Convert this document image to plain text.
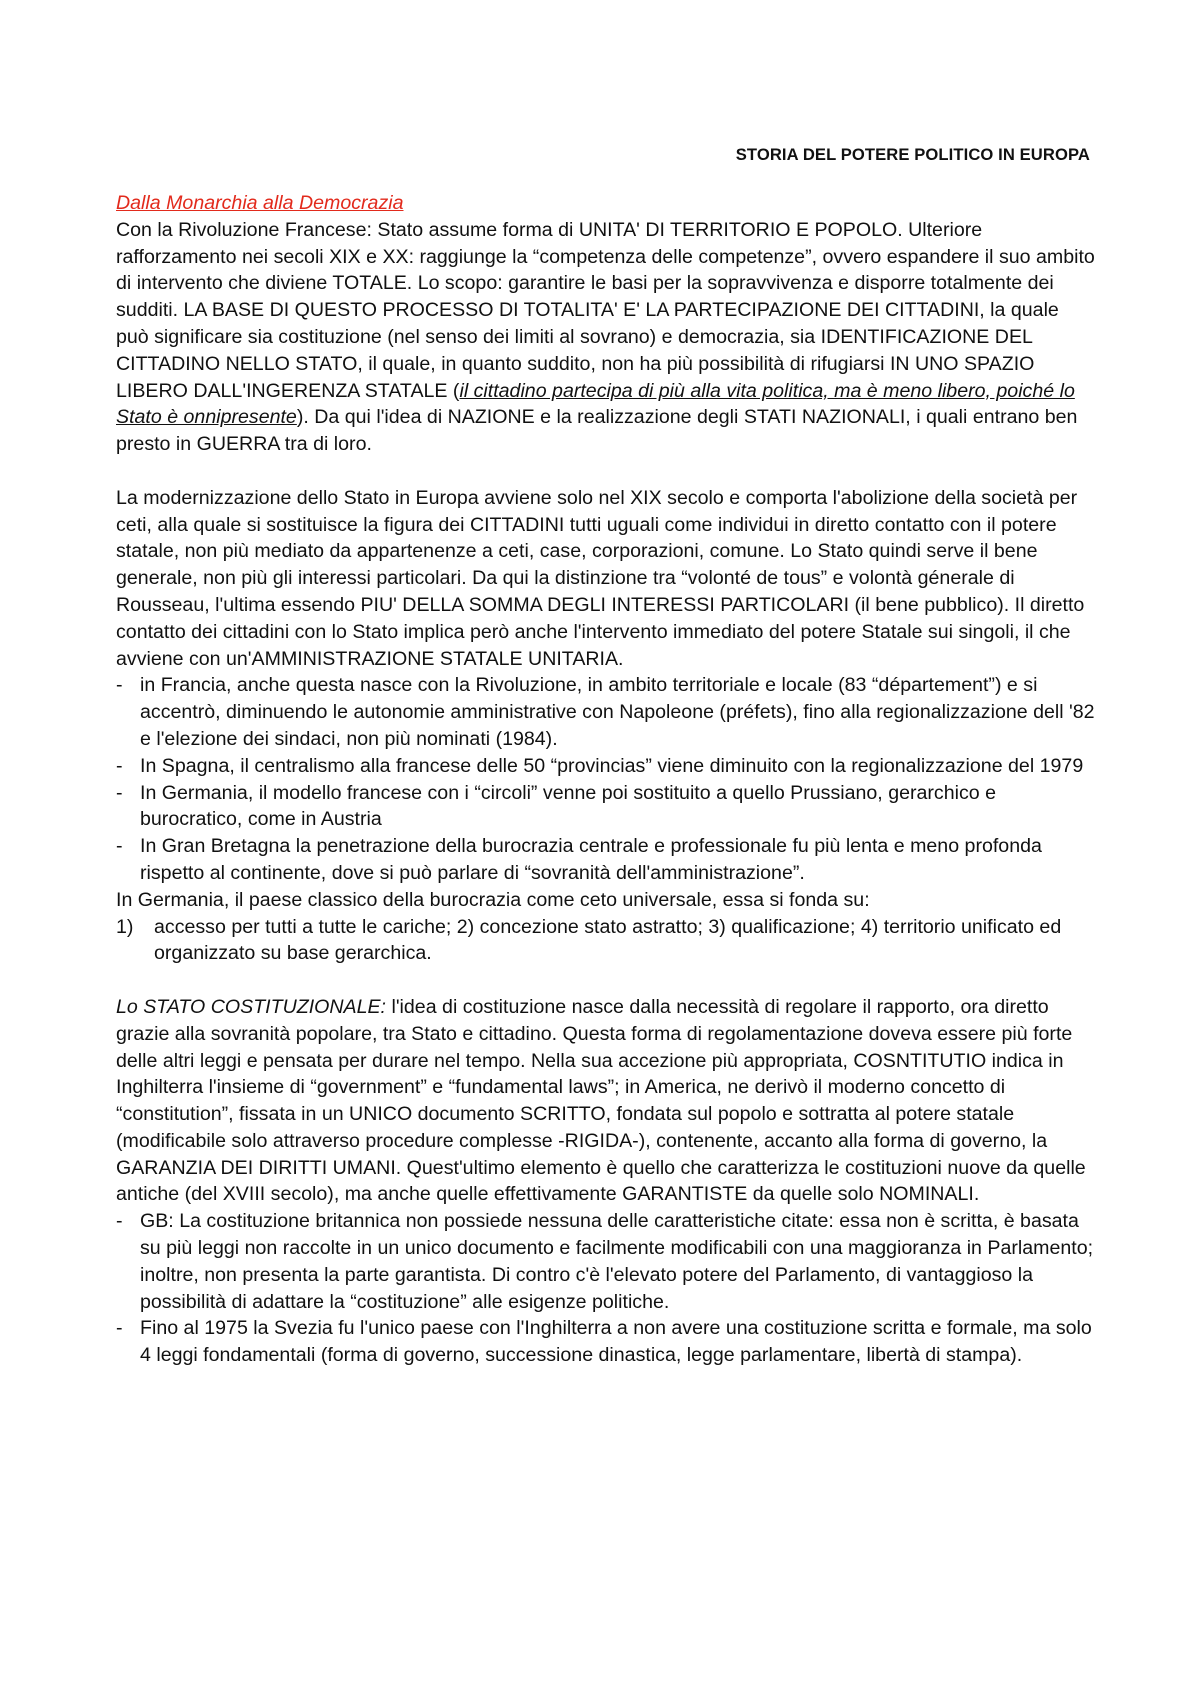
STORIA DEL POTERE POLITICO IN EUROPA

Dalla Monarchia alla Democrazia

Con la Rivoluzione Francese: Stato assume forma di UNITA' DI TERRITORIO E POPOLO. Ulteriore rafforzamento nei secoli XIX e XX: raggiunge la “competenza delle competenze”, ovvero espandere il suo ambito di intervento che diviene TOTALE. Lo scopo: garantire le basi per la sopravvivenza e disporre totalmente dei sudditi. LA BASE DI QUESTO PROCESSO DI TOTALITA' E' LA PARTECIPAZIONE DEI CITTADINI, la quale può significare sia costituzione (nel senso dei limiti al sovrano) e democrazia, sia IDENTIFICAZIONE DEL CITTADINO NELLO STATO, il quale, in quanto suddito, non ha più possibilità di rifugiarsi IN UNO SPAZIO LIBERO DALL'INGERENZA STATALE (il cittadino partecipa di più alla vita politica, ma è meno libero, poiché lo Stato è onnipresente). Da qui l'idea di NAZIONE e la realizzazione degli STATI NAZIONALI, i quali entrano ben presto in GUERRA tra di loro.

La modernizzazione dello Stato in Europa avviene solo nel XIX secolo e comporta l'abolizione della società per ceti, alla quale si sostituisce la figura dei CITTADINI tutti uguali come individui in diretto contatto con il potere statale, non più mediato da appartenenze a ceti, case, corporazioni, comune. Lo Stato quindi serve il bene generale, non più gli interessi particolari. Da qui la distinzione tra “volonté de tous” e volontà génerale di Rousseau, l'ultima essendo PIU' DELLA SOMMA DEGLI INTERESSI PARTICOLARI (il bene pubblico). Il diretto contatto dei cittadini con lo Stato implica però anche l'intervento immediato del potere Statale sui singoli, il che avviene con un'AMMINISTRAZIONE STATALE UNITARIA.

- in Francia, anche questa nasce con la Rivoluzione, in ambito territoriale e locale (83 “département”) e si accentrò, diminuendo le autonomie amministrative con Napoleone (préfets), fino alla regionalizzazione dell '82 e l'elezione dei sindaci, non più nominati (1984).
- In Spagna, il centralismo alla francese delle 50 “provincias” viene diminuito con la regionalizzazione del 1979
- In Germania, il modello francese con i “circoli” venne poi sostituito a quello Prussiano, gerarchico e burocratico, come in Austria
- In Gran Bretagna la penetrazione della burocrazia centrale e professionale fu più lenta e meno profonda rispetto al continente, dove si può parlare di “sovranità dell'amministrazione”.

In Germania, il paese classico della burocrazia come ceto universale, essa si fonda su:

1) accesso per tutti a tutte le cariche; 2) concezione stato astratto; 3) qualificazione; 4) territorio unificato ed organizzato su base gerarchica.

Lo STATO COSTITUZIONALE: l'idea di costituzione nasce dalla necessità di regolare il rapporto, ora diretto grazie alla sovranità popolare, tra Stato e cittadino. Questa forma di regolamentazione doveva essere più forte delle altri leggi e pensata per durare nel tempo. Nella sua accezione più appropriata, COSNTITUTIO indica in Inghilterra l'insieme di “government” e “fundamental laws”; in America, ne derivò il moderno concetto di “constitution”, fissata in un UNICO documento SCRITTO, fondata sul popolo e sottratta al potere statale (modificabile solo attraverso procedure complesse -RIGIDA-), contenente, accanto alla forma di governo, la GARANZIA DEI DIRITTI UMANI. Quest'ultimo elemento è quello che caratterizza le costituzioni nuove da quelle antiche (del XVIII secolo), ma anche quelle effettivamente GARANTISTE da quelle solo NOMINALI.

- GB: La costituzione britannica non possiede nessuna delle caratteristiche citate: essa non è scritta, è basata su più leggi non raccolte in un unico documento e facilmente modificabili con una maggioranza in Parlamento; inoltre, non presenta la parte garantista. Di contro c'è l'elevato potere del Parlamento, di vantaggioso la possibilità di adattare la “costituzione” alle esigenze politiche.
- Fino al 1975 la Svezia fu l'unico paese con l'Inghilterra a non avere una costituzione scritta e formale, ma solo 4 leggi fondamentali (forma di governo, successione dinastica, legge parlamentare, libertà di stampa).
